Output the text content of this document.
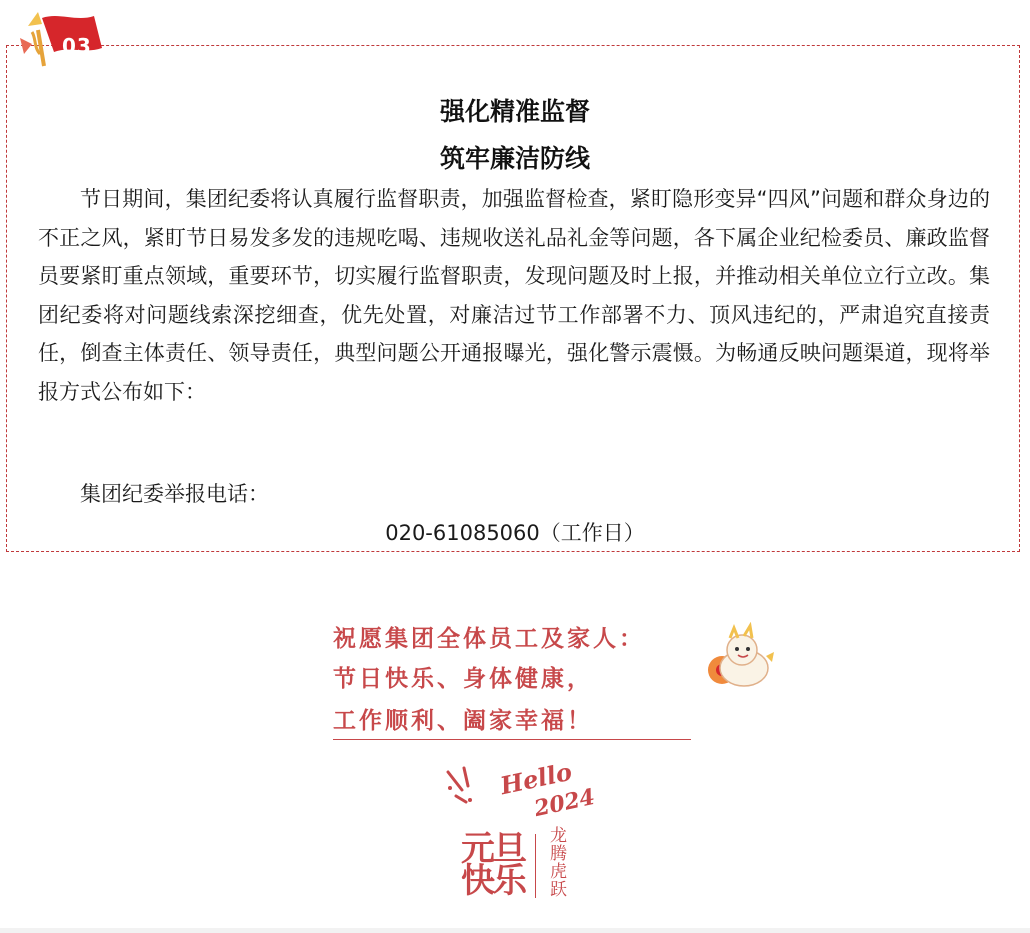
03
强化精准监督
筑牢廉洁防线

节日期间，集团纪委将认真履行监督职责，加强监督检查，紧盯隐形变异“四风”问题和群众身边的不正之风，紧盯节日易发多发的违规吃喝、违规收送礼品礼金等问题，各下属企业纪检委员、廉政监督员要紧盯重点领域，重要环节，切实履行监督职责，发现问题及时上报，并推动相关单位立行立改。集团纪委将对问题线索深挖细查，优先处置，对廉洁过节工作部署不力、顶风违纪的，严肃追究直接责任，倒查主体责任、领导责任，典型问题公开通报曝光，强化警示震慑。为畅通反映问题渠道，现将举报方式公布如下：

集团纪委举报电话：
020-61085060（工作日）
祝愿集团全体员工及家人：
节日快乐、身体健康，
工作顺利、阖家幸福！
Hello
2024
元
旦
快
乐 龙腾虎跃
